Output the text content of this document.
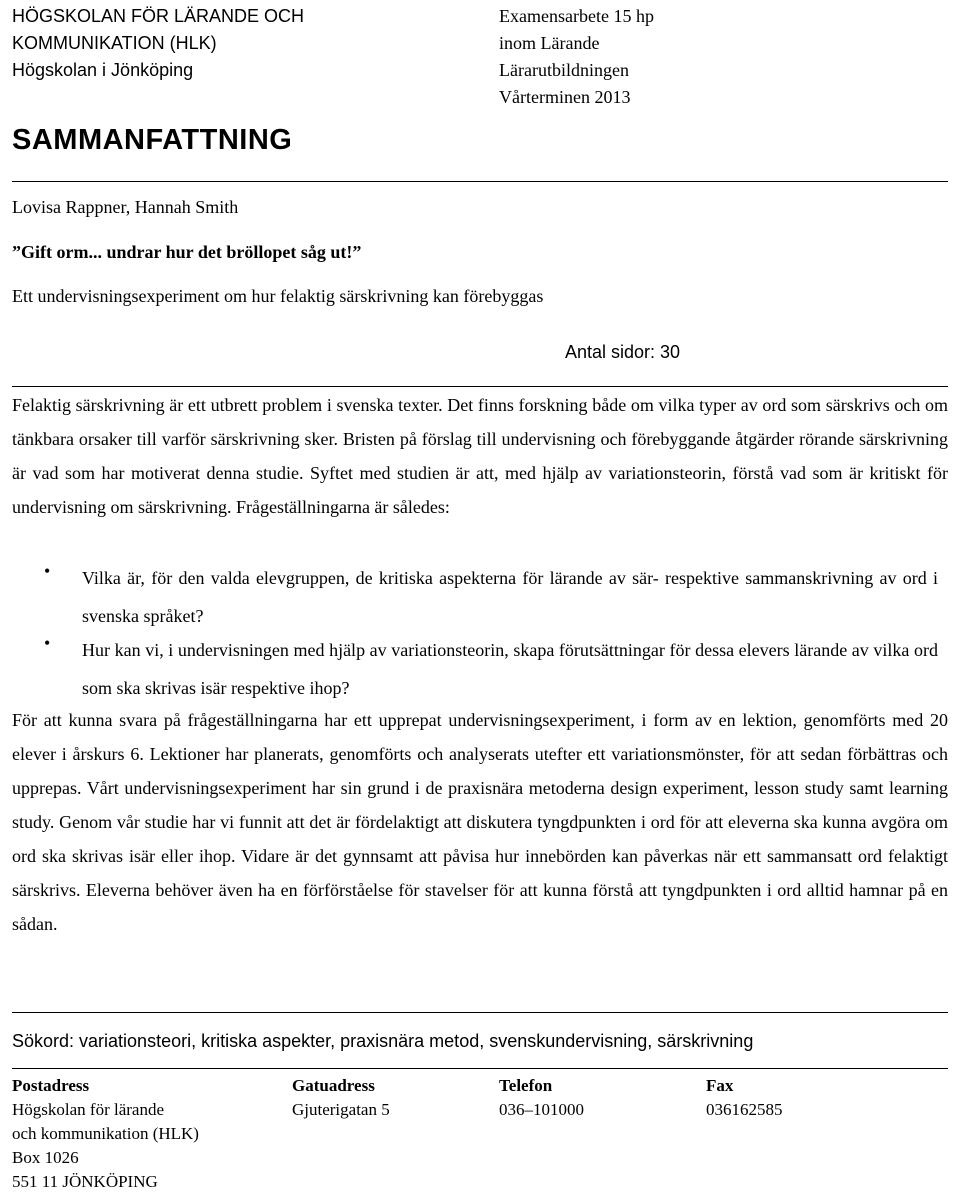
HÖGSKOLAN FÖR LÄRANDE OCH
KOMMUNIKATION (HLK)
Högskolan i Jönköping
Examensarbete 15 hp
inom Lärande
Lärarutbildningen
Vårterminen 2013
SAMMANFATTNING
Lovisa Rappner, Hannah Smith
”Gift orm... undrar hur det bröllopet såg ut!”
Ett undervisningsexperiment om hur felaktig särskrivning kan förebyggas
Antal sidor: 30
Felaktig särskrivning är ett utbrett problem i svenska texter. Det finns forskning både om vilka typer av ord som särskrivs och om tänkbara orsaker till varför särskrivning sker. Bristen på förslag till undervisning och förebyggande åtgärder rörande särskrivning är vad som har motiverat denna studie. Syftet med studien är att, med hjälp av variationsteorin, förstå vad som är kritiskt för undervisning om särskrivning. Frågeställningarna är således:
• Vilka är, för den valda elevgruppen, de kritiska aspekterna för lärande av sär- respektive sammanskrivning av ord i svenska språket?
• Hur kan vi, i undervisningen med hjälp av variationsteorin, skapa förutsättningar för dessa elevers lärande av vilka ord som ska skrivas isär respektive ihop?
För att kunna svara på frågeställningarna har ett upprepat undervisningsexperiment, i form av en lektion, genomförts med 20 elever i årskurs 6. Lektioner har planerats, genomförts och analyserats utefter ett variationsmönster, för att sedan förbättras och upprepas. Vårt undervisningsexperiment har sin grund i de praxisnära metoderna design experiment, lesson study samt learning study. Genom vår studie har vi funnit att det är fördelaktigt att diskutera tyngdpunkten i ord för att eleverna ska kunna avgöra om ord ska skrivas isär eller ihop. Vidare är det gynnsamt att påvisa hur innebörden kan påverkas när ett sammansatt ord felaktigt särskrivs. Eleverna behöver även ha en förförståelse för stavelser för att kunna förstå att tyngdpunkten i ord alltid hamnar på en sådan.
Sökord: variationsteori, kritiska aspekter, praxisnära metod, svenskundervisning, särskrivning
Postadress
Högskolan för lärande
och kommunikation (HLK)
Box 1026
551 11 JÖNKÖPING
Gatuadress
Gjuterigatan 5
Telefon
036–101000
Fax
036162585
